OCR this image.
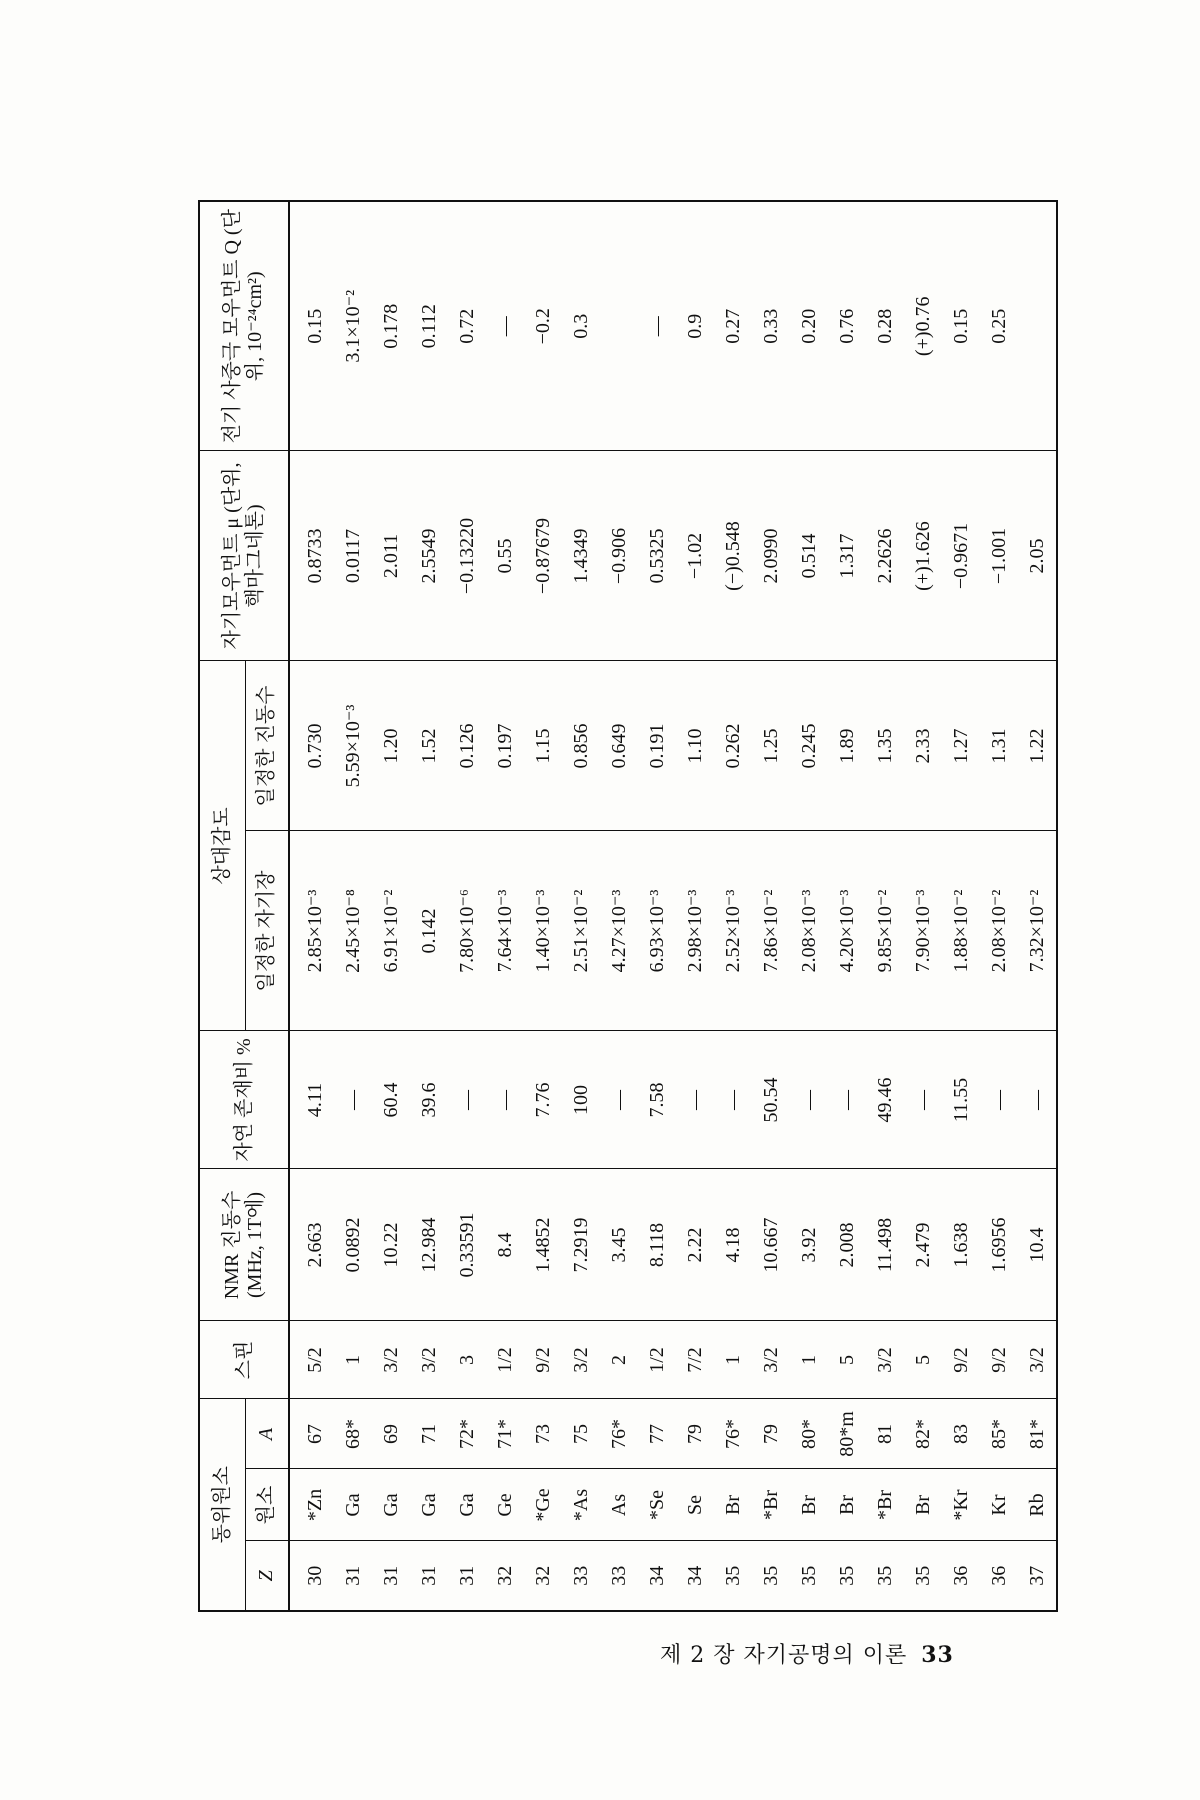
동위원소			스핀	NMR 진동수 (MHz, 1T에)	자연 존재비 %	상대감도		자기모우먼트 μ (단위, 핵마그네톤)	전기 사중극 모우먼트 Q (단위, 10⁻²⁴cm²)
Z	원소	A				일정한 자기장	일정한 진동수		
30	*Zn	67	5/2	2.663	4.11	2.85×10⁻³	0.730	0.8733	0.15
31	Ga	68*	1	0.0892	—	2.45×10⁻⁸	5.59×10⁻³	0.0117	3.1×10⁻²
31	Ga	69	3/2	10.22	60.4	6.91×10⁻²	1.20	2.011	0.178
31	Ga	71	3/2	12.984	39.6	0.142	1.52	2.5549	0.112
31	Ga	72*	3	0.33591	—	7.80×10⁻⁶	0.126	−0.13220	0.72
32	Ge	71*	1/2	8.4	—	7.64×10⁻³	0.197	0.55	—
32	*Ge	73	9/2	1.4852	7.76	1.40×10⁻³	1.15	−0.87679	−0.2
33	*As	75	3/2	7.2919	100	2.51×10⁻²	0.856	1.4349	0.3
33	As	76*	2	3.45	—	4.27×10⁻³	0.649	−0.906	
34	*Se	77	1/2	8.118	7.58	6.93×10⁻³	0.191	0.5325	—
34	Se	79	7/2	2.22	—	2.98×10⁻³	1.10	−1.02	0.9
35	Br	76*	1	4.18	—	2.52×10⁻³	0.262	(−)0.548	0.27
35	*Br	79	3/2	10.667	50.54	7.86×10⁻²	1.25	2.0990	0.33
35	Br	80*	1	3.92	—	2.08×10⁻³	0.245	0.514	0.20
35	Br	80*m	5	2.008	—	4.20×10⁻³	1.89	1.317	0.76
35	*Br	81	3/2	11.498	49.46	9.85×10⁻²	1.35	2.2626	0.28
35	Br	82*	5	2.479	—	7.90×10⁻³	2.33	(+)1.626	(+)0.76
36	*Kr	83	9/2	1.638	11.55	1.88×10⁻²	1.27	−0.9671	0.15
36	Kr	85*	9/2	1.6956	—	2.08×10⁻²	1.31	−1.001	0.25
37	Rb	81*	3/2	10.4	—	7.32×10⁻²	1.22	2.05	
제 2 장 자기공명의 이론 33
